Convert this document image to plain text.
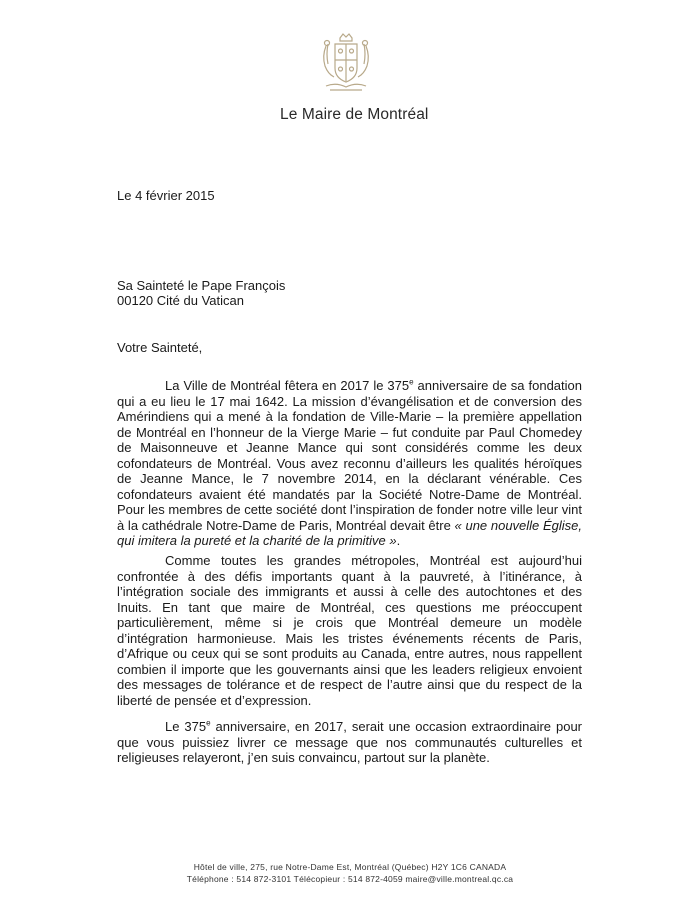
Le Maire de Montréal
Le 4 février 2015
Sa Sainteté le Pape François
00120 Cité du Vatican
Votre Sainteté,

La Ville de Montréal fêtera en 2017 le 375e anniversaire de sa fondation qui a eu lieu le 17 mai 1642. La mission d’évangélisation et de conversion des Amérindiens qui a mené à la fondation de Ville-Marie – la première appellation de Montréal en l’honneur de la Vierge Marie – fut conduite par Paul Chomedey de Maisonneuve et Jeanne Mance qui sont considérés comme les deux cofondateurs de Montréal. Vous avez reconnu d’ailleurs les qualités héroïques de Jeanne Mance, le 7 novembre 2014, en la déclarant vénérable. Ces cofondateurs avaient été mandatés par la Société Notre-Dame de Montréal. Pour les membres de cette société dont l’inspiration de fonder notre ville leur vint à la cathédrale Notre-Dame de Paris, Montréal devait être « une nouvelle Église, qui imitera la pureté et la charité de la primitive ».

Comme toutes les grandes métropoles, Montréal est aujourd’hui confrontée à des défis importants quant à la pauvreté, à l’itinérance, à l’intégration sociale des immigrants et aussi à celle des autochtones et des Inuits. En tant que maire de Montréal, ces questions me préoccupent particulièrement, même si je crois que Montréal demeure un modèle d’intégration harmonieuse. Mais les tristes événements récents de Paris, d’Afrique ou ceux qui se sont produits au Canada, entre autres, nous rappellent combien il importe que les gouvernants ainsi que les leaders religieux envoient des messages de tolérance et de respect de l’autre ainsi que du respect de la liberté de pensée et d’expression.

Le 375e anniversaire, en 2017, serait une occasion extraordinaire pour que vous puissiez livrer ce message que nos communautés culturelles et religieuses relayeront, j’en suis convaincu, partout sur la planète.

Hôtel de ville, 275, rue Notre-Dame Est, Montréal (Québec) H2Y 1C6 CANADA
Téléphone : 514 872-3101 Télécopieur : 514 872-4059 maire@ville.montreal.qc.ca
